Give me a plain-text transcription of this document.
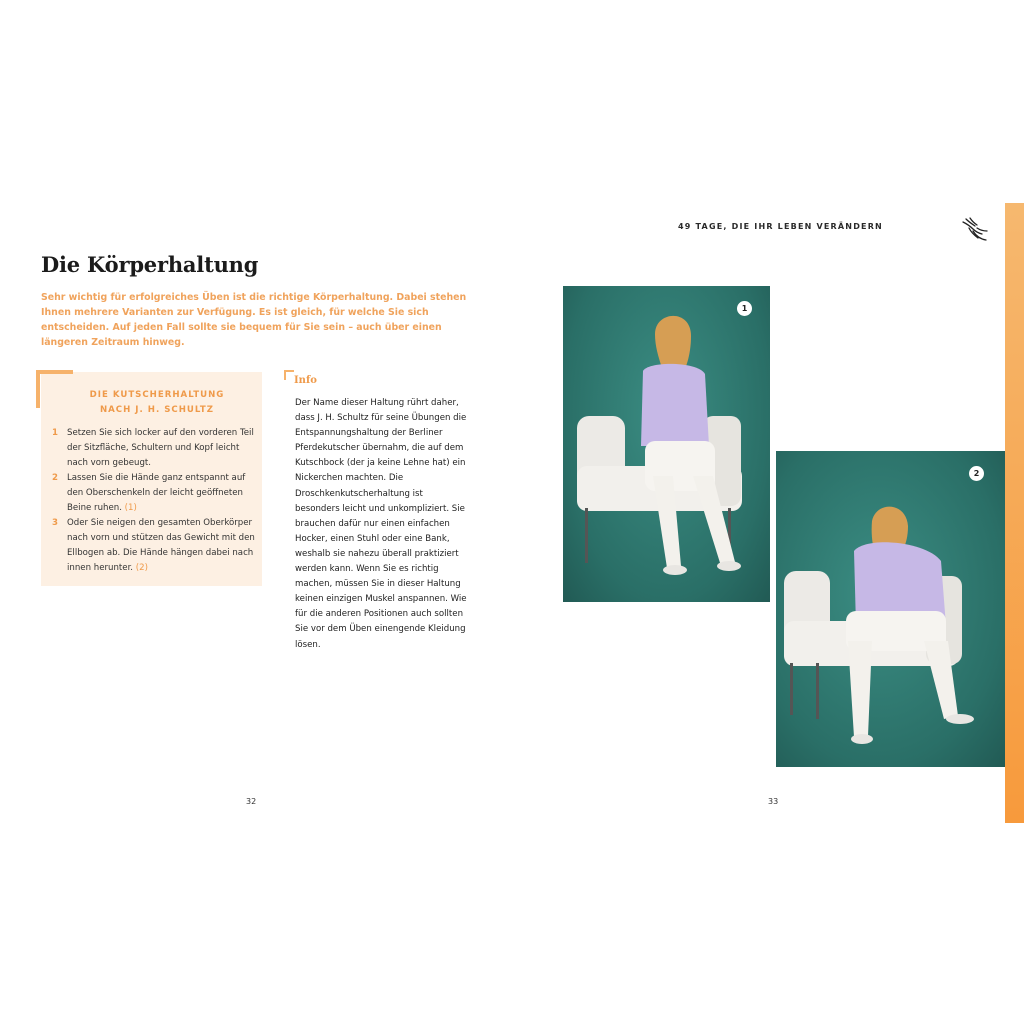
Die Körperhaltung
Sehr wichtig für erfolgreiches Üben ist die richtige Körperhaltung. Dabei stehen Ihnen mehrere Varianten zur Verfügung. Es ist gleich, für welche Sie sich entscheiden. Auf jeden Fall sollte sie bequem für Sie sein – auch über einen längeren Zeitraum hinweg.
DIE KUTSCHERHALTUNG
NACH J. H. SCHULTZ
1 Setzen Sie sich locker auf den vorderen Teil der Sitzfläche, Schultern und Kopf leicht nach vorn gebeugt.
2 Lassen Sie die Hände ganz entspannt auf den Oberschenkeln der leicht geöffneten Beine ruhen. (1)
3 Oder Sie neigen den gesamten Oberkörper nach vorn und stützen das Gewicht mit den Ellbogen ab. Die Hände hängen dabei nach innen herunter. (2)
Info
Der Name dieser Haltung rührt daher, dass J. H. Schultz für seine Übungen die Entspannungshaltung der Berliner Pferdekutscher übernahm, die auf dem Kutschbock (der ja keine Lehne hat) ein Nickerchen machten. Die Droschkenkutscherhaltung ist besonders leicht und unkompliziert. Sie brauchen dafür nur einen einfachen Hocker, einen Stuhl oder eine Bank, weshalb sie nahezu überall praktiziert werden kann. Wenn Sie es richtig machen, müssen Sie in dieser Haltung keinen einzigen Muskel anspannen. Wie für die anderen Positionen auch sollten Sie vor dem Üben einengende Kleidung lösen.
32
49 TAGE, DIE IHR LEBEN VERÄNDERN
1
2
33
